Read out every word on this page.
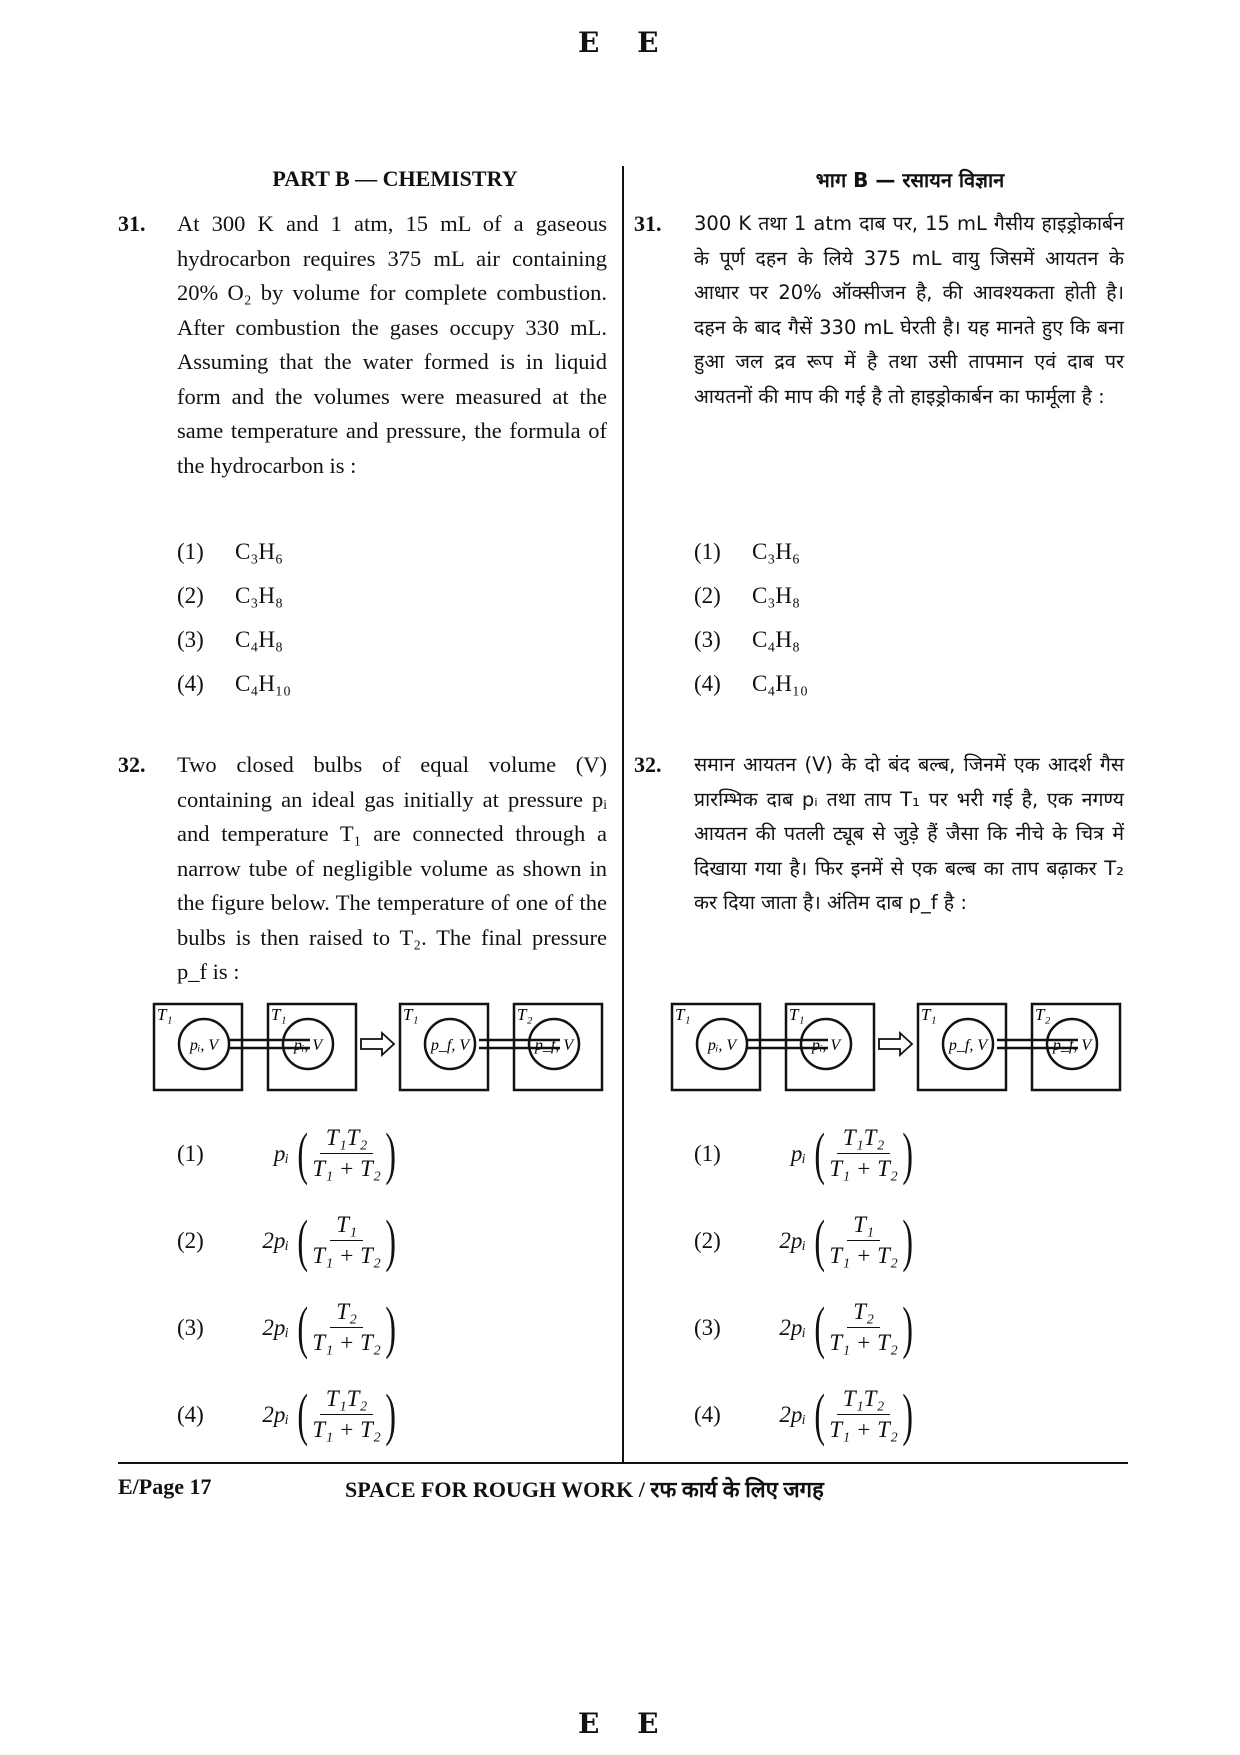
E E
PART B — CHEMISTRY	भाग B — रसायन विज्ञान
31. At 300 K and 1 atm, 15 mL of a gaseous hydrocarbon requires 375 mL air containing 20% O₂ by volume for complete combustion. After combustion the gases occupy 330 mL. Assuming that the water formed is in liquid form and the volumes were measured at the same temperature and pressure, the formula of the hydrocarbon is :
(1)	C₃H₆
(2)	C₃H₈
(3)	C₄H₈
(4)	C₄H₁₀
31. 300 K तथा 1 atm दाब पर, 15 mL गैसीय हाइड्रोकार्बन के पूर्ण दहन के लिये 375 mL वायु जिसमें आयतन के आधार पर 20% ऑक्सीजन है, की आवश्यकता होती है। दहन के बाद गैसें 330 mL घेरती है। यह मानते हुए कि बना हुआ जल द्रव रूप में है तथा उसी तापमान एवं दाब पर आयतनों की माप की गई है तो हाइड्रोकार्बन का फार्मूला है :
(1)	C₃H₆
(2)	C₃H₈
(3)	C₄H₈
(4)	C₄H₁₀
32. Two closed bulbs of equal volume (V) containing an ideal gas initially at pressure pᵢ and temperature T₁ are connected through a narrow tube of negligible volume as shown in the figure below. The temperature of one of the bulbs is then raised to T₂. The final pressure p_f is :
32. समान आयतन (V) के दो बंद बल्ब, जिनमें एक आदर्श गैस प्रारम्भिक दाब pᵢ तथा ताप T₁ पर भरी गई है, एक नगण्य आयतन की पतली ट्यूब से जुड़े हैं जैसा कि नीचे के चित्र में दिखाया गया है। फिर इनमें से एक बल्ब का ताप बढ़ाकर T₂ कर दिया जाता है। अंतिम दाब p_f है :
T₁
pᵢ, V
T₁
pᵢ, V
T₁
p_f, V
T₂
p_f, V
T₁
pᵢ, V
T₁
pᵢ, V
T₁
p_f, V
T₂
p_f, V
(1)	pᵢ (
$\frac{\text{T₁T₂}}{\text{T₁ + T₂}}$
)
(2)	2pᵢ (
$\frac{\text{T₁}}{\text{T₁ + T₂}}$
)
(3)	2pᵢ (
$\frac{\text{T₂}}{\text{T₁ + T₂}}$
)
(4)	2pᵢ (
$\frac{\text{T₁T₂}}{\text{T₁ + T₂}}$
)
(1)	pᵢ (
$\frac{\text{T₁T₂}}{\text{T₁ + T₂}}$
)
(2)	2pᵢ (
$\frac{\text{T₁}}{\text{T₁ + T₂}}$
)
(3)	2pᵢ (
$\frac{\text{T₂}}{\text{T₁ + T₂}}$
)
(4)	2pᵢ (
$\frac{\text{T₁T₂}}{\text{T₁ + T₂}}$
)
E/Page 17	SPACE FOR ROUGH WORK / रफ कार्य के लिए जगह
E E
